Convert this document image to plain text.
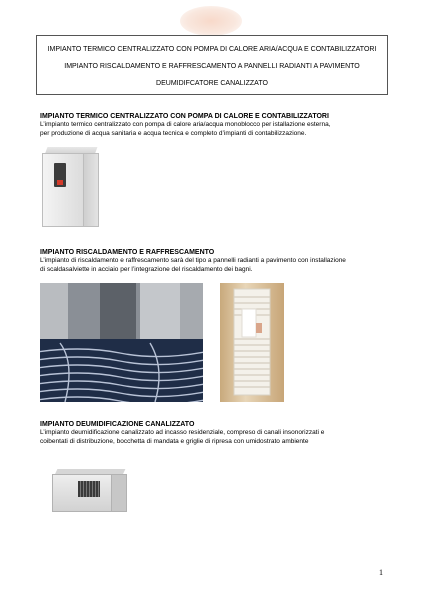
IMPIANTO TERMICO CENTRALIZZATO CON POMPA DI CALORE ARIA/ACQUA E CONTABILIZZATORI
IMPIANTO RISCALDAMENTO E RAFFRESCAMENTO A PANNELLI RADIANTI A PAVIMENTO
DEUMIDIFCATORE CANALIZZATO
IMPIANTO TERMICO CENTRALIZZATO CON POMPA DI CALORE E CONTABILIZZATORI
L’impianto termico centralizzato con pompa di calore aria/acqua monoblocco per istallazione esterna,
per produzione di acqua sanitaria e acqua tecnica e completo d’impianti di contabilizzazione.
IMPIANTO RISCALDAMENTO E RAFFRESCAMENTO
L’impianto di riscaldamento e raffrescamento sarà del tipo a pannelli radianti a pavimento con installazione
di scaldasalviette in acciaio per l’integrazione del riscaldamento dei bagni.
IMPIANTO DEUMIDIFICAZIONE CANALIZZATO
L’impianto deumidificazione canalizzato ad incasso residenziale, compreso di canali insonorizzati e
coibentati di distribuzione, bocchetta di mandata e griglie di ripresa con umidostrato ambiente
1
